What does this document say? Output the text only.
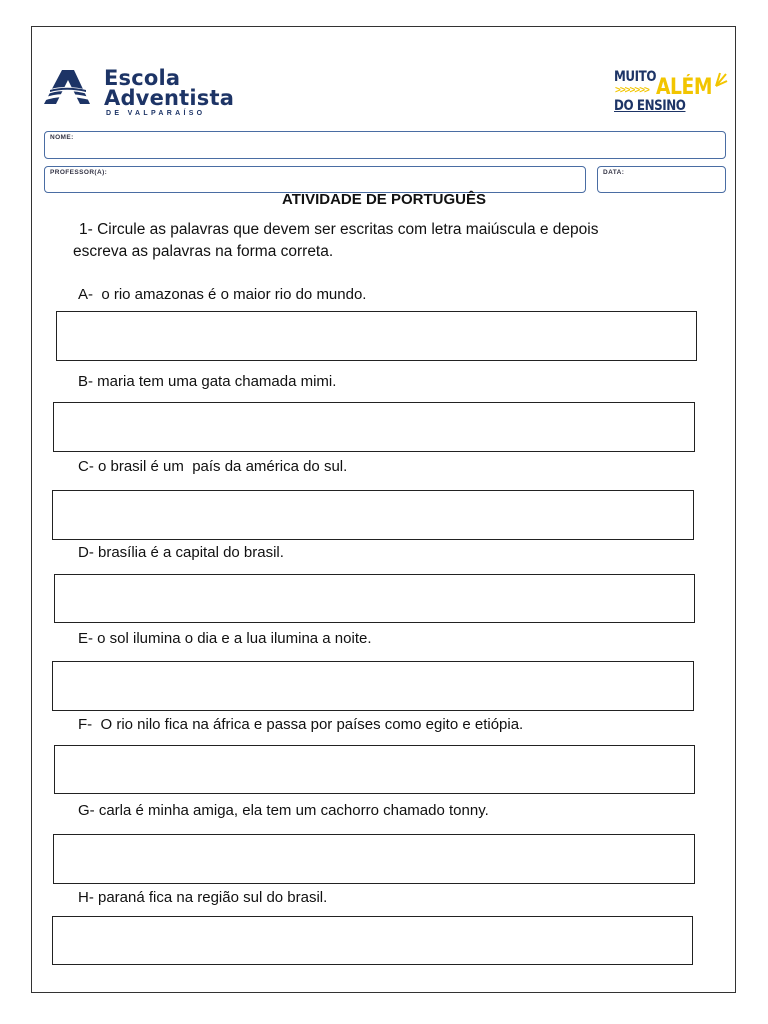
Escola
Adventista
DE VALPARAÍSO
MUITO
>>>>>>> ALÉM
DO ENSINO
NOME:
PROFESSOR(A):	DATA:
ATIVIDADE DE PORTUGUÊS
1- Circule as palavras que devem ser escritas com letra maiúscula e depois
escreva as palavras na forma correta.
A-  o rio amazonas é o maior rio do mundo.
B- maria tem uma gata chamada mimi.
C- o brasil é um  país da américa do sul.
D- brasília é a capital do brasil.
E- o sol ilumina o dia e a lua ilumina a noite.
F-  O rio nilo fica na áfrica e passa por países como egito e etiópia.
G- carla é minha amiga, ela tem um cachorro chamado tonny.
H- paraná fica na região sul do brasil.
